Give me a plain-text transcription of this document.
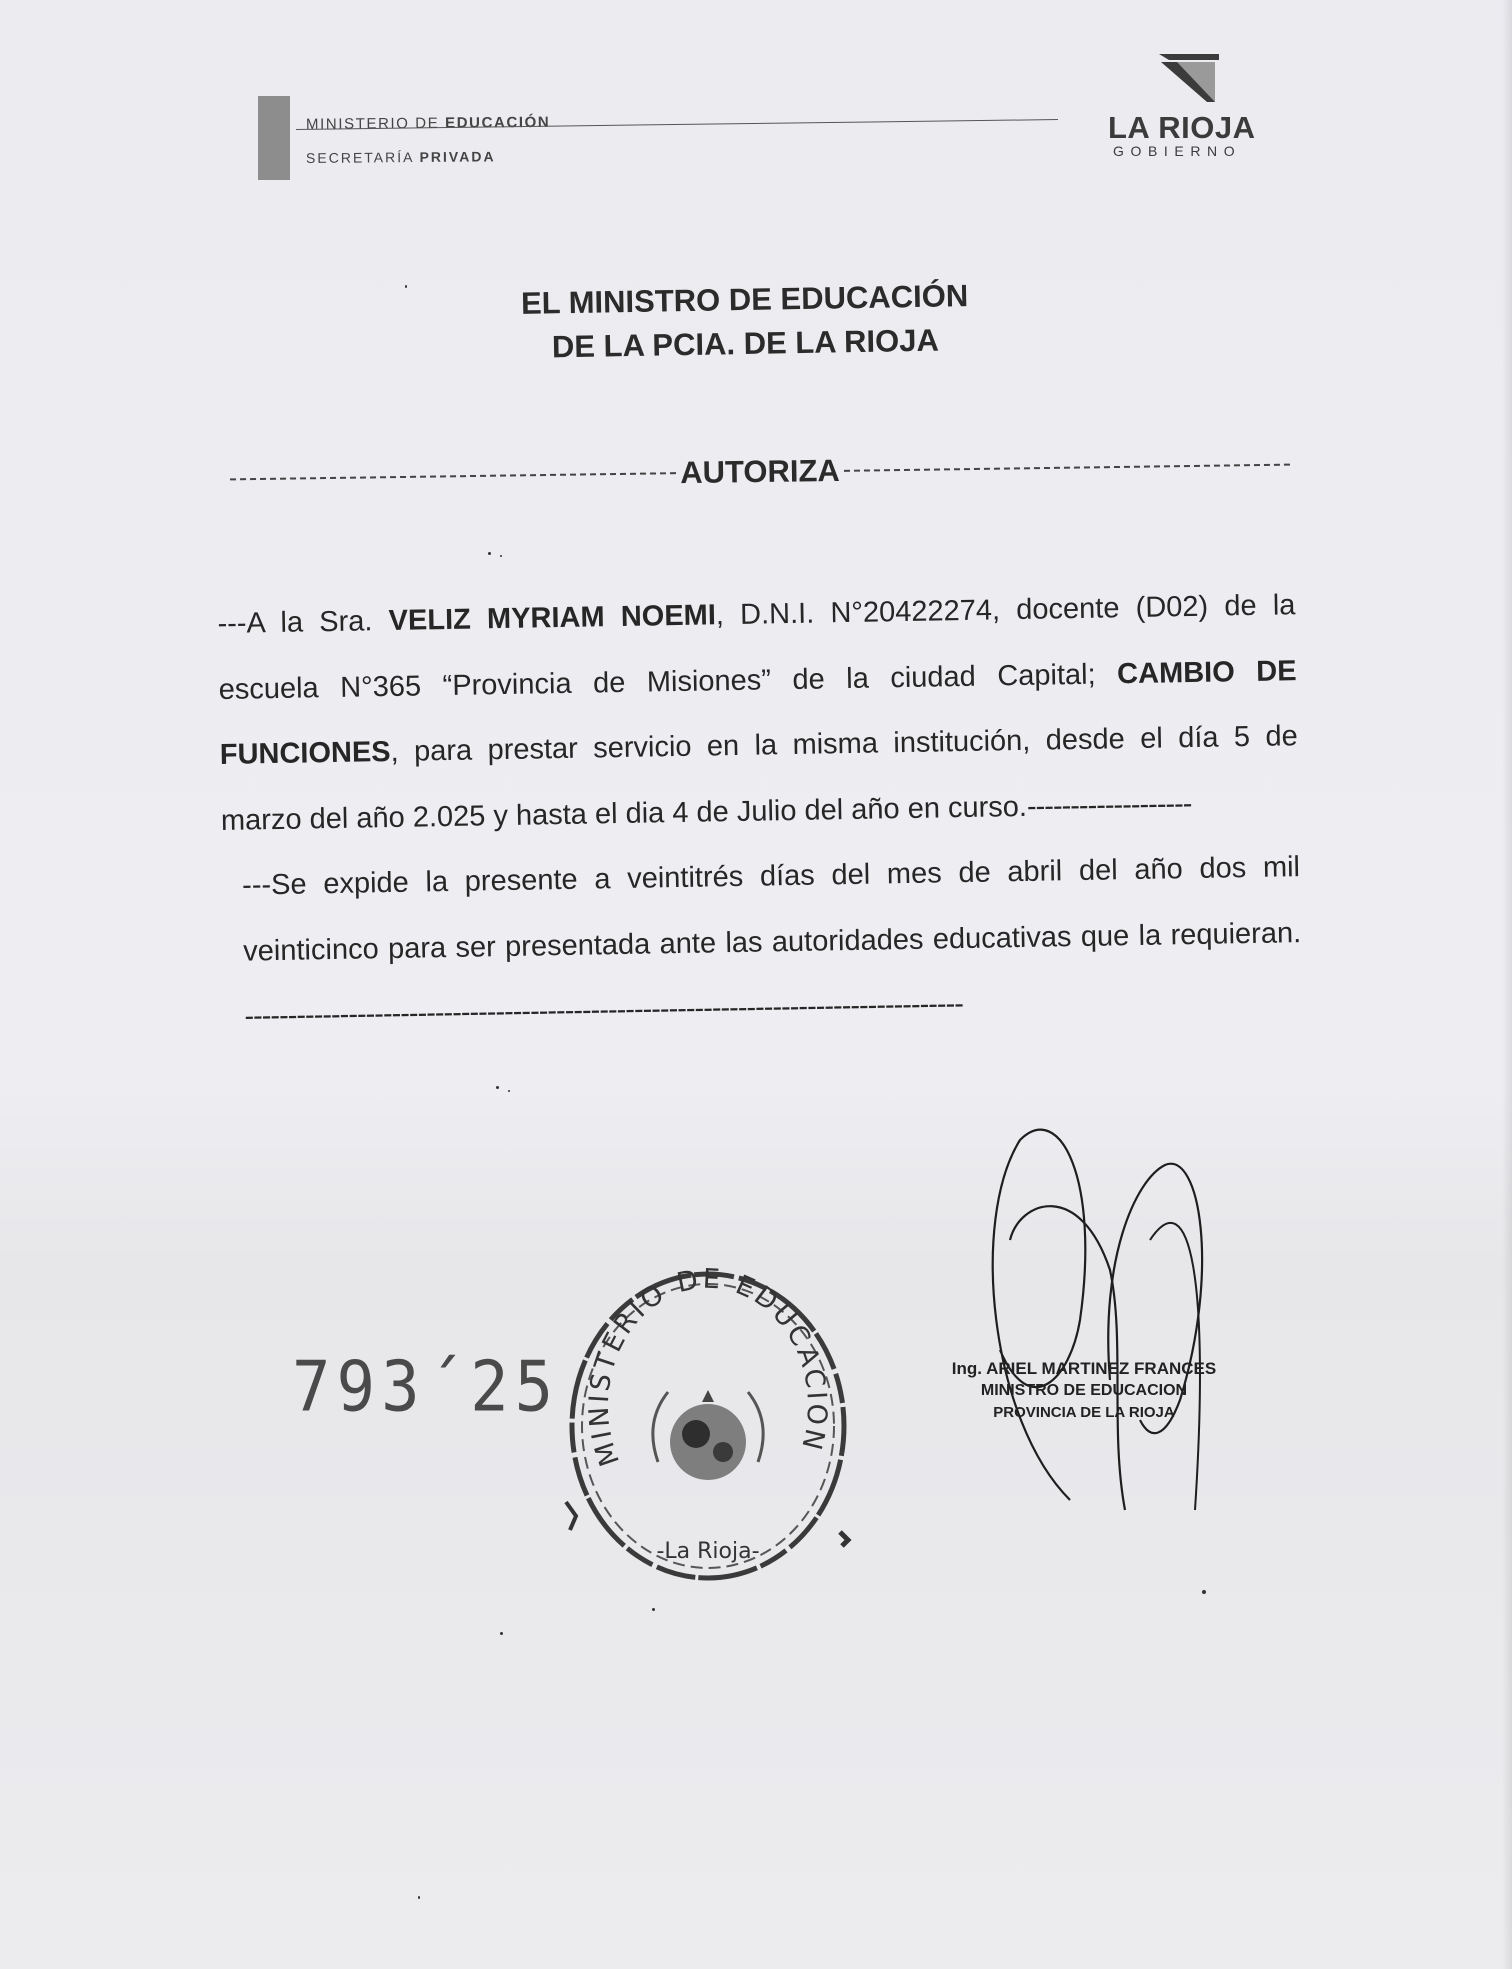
MINISTERIO DE EDUCACIÓN
SECRETARÍA PRIVADA
LA RIOJA
GOBIERNO
EL MINISTRO DE EDUCACIÓN
DE LA PCIA. DE LA RIOJA
AUTORIZA

---A la Sra. VELIZ MYRIAM NOEMI, D.N.I. N°20422274, docente (D02) de la escuela N°365 “Provincia de Misiones” de la ciudad Capital; CAMBIO DE FUNCIONES, para prestar servicio en la misma institución, desde el día 5 de marzo del año 2.025 y hasta el dia 4 de Julio del año en curso.-------------------

---Se expide la presente a veintitrés días del mes de abril del año dos mil veinticinco para ser presentada ante las autoridades educativas que la requieran. -----------------------------------------------------------------------------------

793´25
MINISTERIO DE EDUCACION
-La Rioja-
Ing. ARIEL MARTINEZ FRANCES
MINISTRO DE EDUCACION
PROVINCIA DE LA RIOJA
